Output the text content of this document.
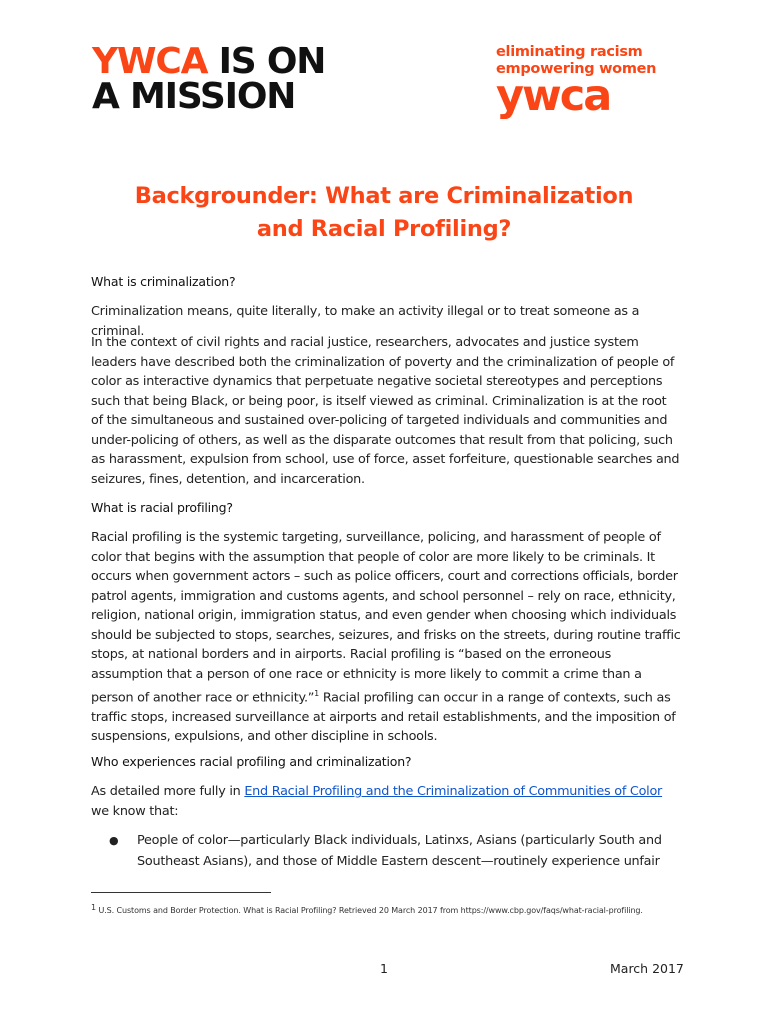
YWCA IS ON
A MISSION
eliminating racism
empowering women
ywca
Backgrounder: What are Criminalization
and Racial Profiling?
What is criminalization?
Criminalization means, quite literally, to make an activity illegal or to treat someone as a criminal.
In the context of civil rights and racial justice, researchers, advocates and justice system leaders have described both the criminalization of poverty and the criminalization of people of color as interactive dynamics that perpetuate negative societal stereotypes and perceptions such that being Black, or being poor, is itself viewed as criminal. Criminalization is at the root of the simultaneous and sustained over-policing of targeted individuals and communities and under-policing of others, as well as the disparate outcomes that result from that policing, such as harassment, expulsion from school, use of force, asset forfeiture, questionable searches and seizures, fines, detention, and incarceration.
What is racial profiling?
Racial profiling is the systemic targeting, surveillance, policing, and harassment of people of color that begins with the assumption that people of color are more likely to be criminals. It occurs when government actors – such as police officers, court and corrections officials, border patrol agents, immigration and customs agents, and school personnel – rely on race, ethnicity, religion, national origin, immigration status, and even gender when choosing which individuals should be subjected to stops, searches, seizures, and frisks on the streets, during routine traffic stops, at national borders and in airports. Racial profiling is “based on the erroneous assumption that a person of one race or ethnicity is more likely to commit a crime than a person of another race or ethnicity.”$^1$ Racial profiling can occur in a range of contexts, such as traffic stops, increased surveillance at airports and retail establishments, and the imposition of suspensions, expulsions, and other discipline in schools.
Who experiences racial profiling and criminalization?
As detailed more fully in End Racial Profiling and the Criminalization of Communities of Color we know that:
●	People of color—particularly Black individuals, Latinxs, Asians (particularly South and Southeast Asians), and those of Middle Eastern descent—routinely experience unfair
$^1$ U.S. Customs and Border Protection. What is Racial Profiling? Retrieved 20 March 2017 from https://www.cbp.gov/faqs/what-racial-profiling.
1	March 2017
